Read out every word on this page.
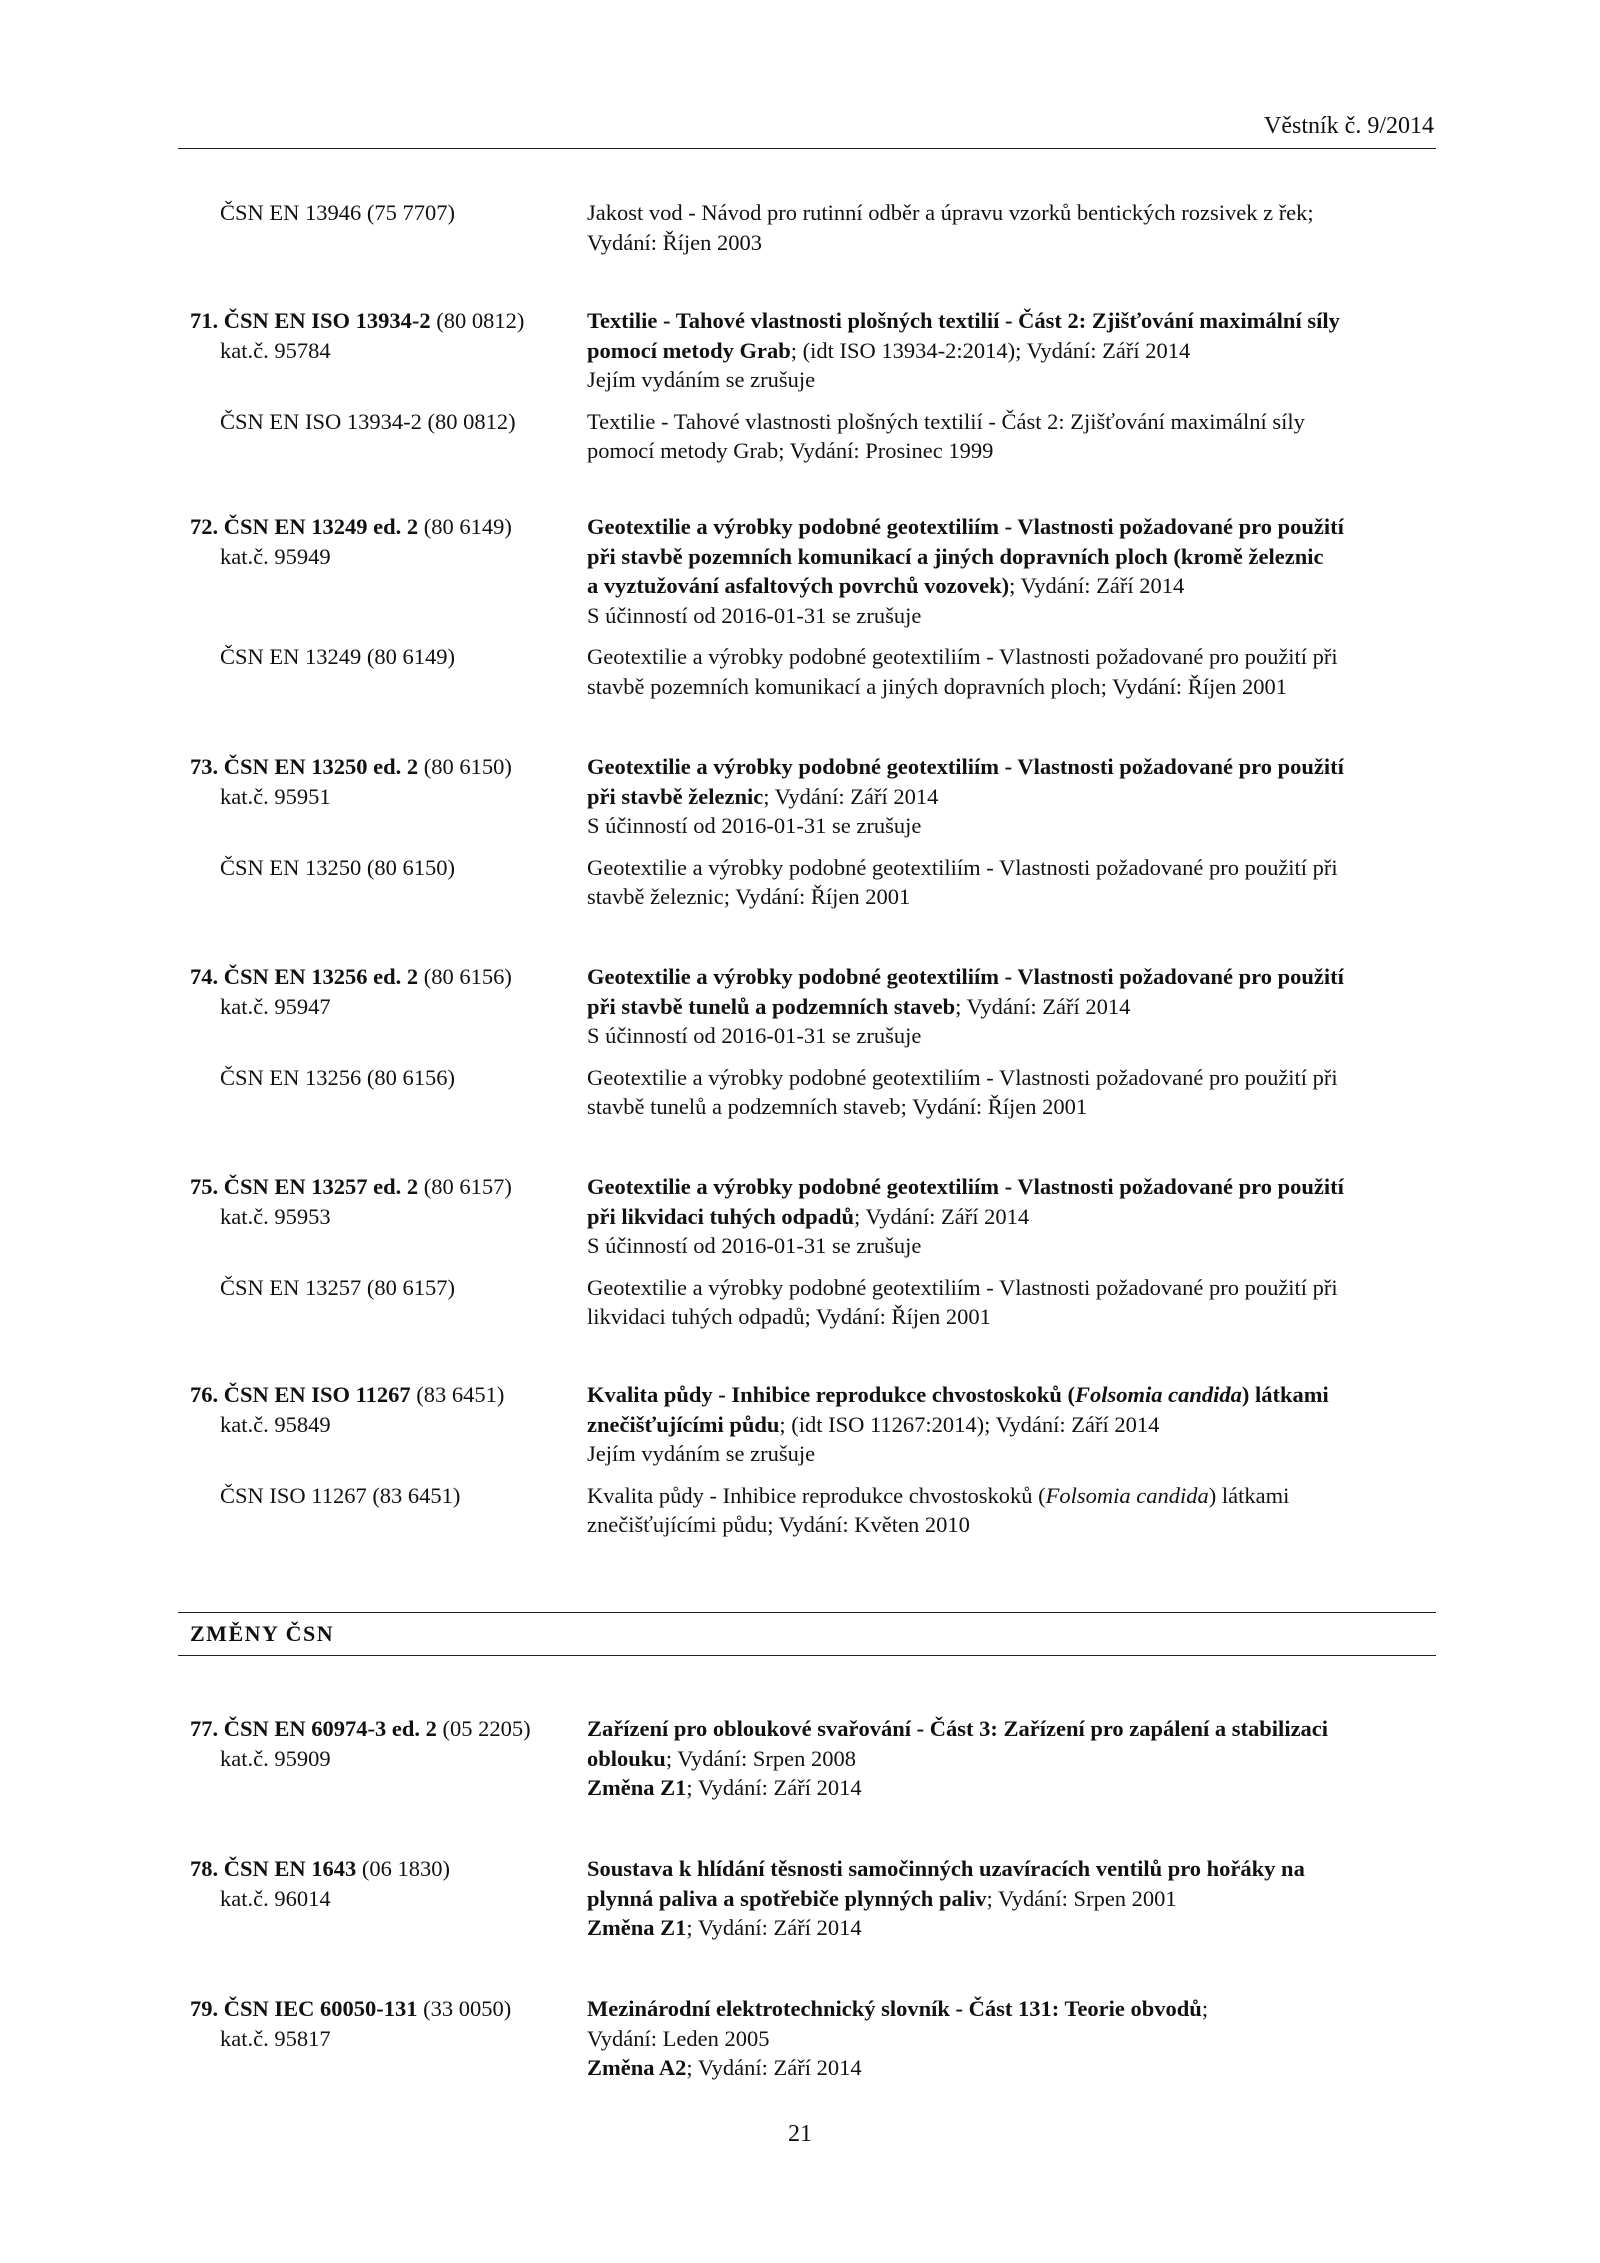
Věstník č. 9/2014
ČSN EN 13946 (75 7707)	Jakost vod - Návod pro rutinní odběr a úpravu vzorků bentických rozsivek z řek;
Vydání: Říjen 2003
71. ČSN EN ISO 13934-2 (80 0812)
kat.č. 95784
ČSN EN ISO 13934-2 (80 0812)
Textilie - Tahové vlastnosti plošných textilií - Část 2: Zjišťování maximální síly
pomocí metody Grab; (idt ISO 13934-2:2014); Vydání: Září 2014
Jejím vydáním se zrušuje
Textilie - Tahové vlastnosti plošných textilií - Část 2: Zjišťování maximální síly
pomocí metody Grab; Vydání: Prosinec 1999
72. ČSN EN 13249 ed. 2 (80 6149)
kat.č. 95949
ČSN EN 13249 (80 6149)
Geotextilie a výrobky podobné geotextiliím - Vlastnosti požadované pro použití
při stavbě pozemních komunikací a jiných dopravních ploch (kromě železnic
a vyztužování asfaltových povrchů vozovek); Vydání: Září 2014
S účinností od 2016-01-31 se zrušuje
Geotextilie a výrobky podobné geotextiliím - Vlastnosti požadované pro použití při
stavbě pozemních komunikací a jiných dopravních ploch; Vydání: Říjen 2001
73. ČSN EN 13250 ed. 2 (80 6150)
kat.č. 95951
ČSN EN 13250 (80 6150)
Geotextilie a výrobky podobné geotextiliím - Vlastnosti požadované pro použití
při stavbě železnic; Vydání: Září 2014
S účinností od 2016-01-31 se zrušuje
Geotextilie a výrobky podobné geotextiliím - Vlastnosti požadované pro použití při
stavbě železnic; Vydání: Říjen 2001
74. ČSN EN 13256 ed. 2 (80 6156)
kat.č. 95947
ČSN EN 13256 (80 6156)
Geotextilie a výrobky podobné geotextiliím - Vlastnosti požadované pro použití
při stavbě tunelů a podzemních staveb; Vydání: Září 2014
S účinností od 2016-01-31 se zrušuje
Geotextilie a výrobky podobné geotextiliím - Vlastnosti požadované pro použití při
stavbě tunelů a podzemních staveb; Vydání: Říjen 2001
75. ČSN EN 13257 ed. 2 (80 6157)
kat.č. 95953
ČSN EN 13257 (80 6157)
Geotextilie a výrobky podobné geotextiliím - Vlastnosti požadované pro použití
při likvidaci tuhých odpadů; Vydání: Září 2014
S účinností od 2016-01-31 se zrušuje
Geotextilie a výrobky podobné geotextiliím - Vlastnosti požadované pro použití při
likvidaci tuhých odpadů; Vydání: Říjen 2001
76. ČSN EN ISO 11267 (83 6451)
kat.č. 95849
ČSN ISO 11267 (83 6451)
Kvalita půdy - Inhibice reprodukce chvostoskoků (Folsomia candida) látkami
znečišťujícími půdu; (idt ISO 11267:2014); Vydání: Září 2014
Jejím vydáním se zrušuje
Kvalita půdy - Inhibice reprodukce chvostoskoků (Folsomia candida) látkami
znečišťujícími půdu; Vydání: Květen 2010
ZMĚNY ČSN
77. ČSN EN 60974-3 ed. 2 (05 2205)
kat.č. 95909
Zařízení pro obloukové svařování - Část 3: Zařízení pro zapálení a stabilizaci
oblouku; Vydání: Srpen 2008
Změna Z1; Vydání: Září 2014
78. ČSN EN 1643 (06 1830)
kat.č. 96014
Soustava k hlídání těsnosti samočinných uzavíracích ventilů pro hořáky na
plynná paliva a spotřebiče plynných paliv; Vydání: Srpen 2001
Změna Z1; Vydání: Září 2014
79. ČSN IEC 60050-131 (33 0050)
kat.č. 95817
Mezinárodní elektrotechnický slovník - Část 131: Teorie obvodů;
Vydání: Leden 2005
Změna A2; Vydání: Září 2014
21
